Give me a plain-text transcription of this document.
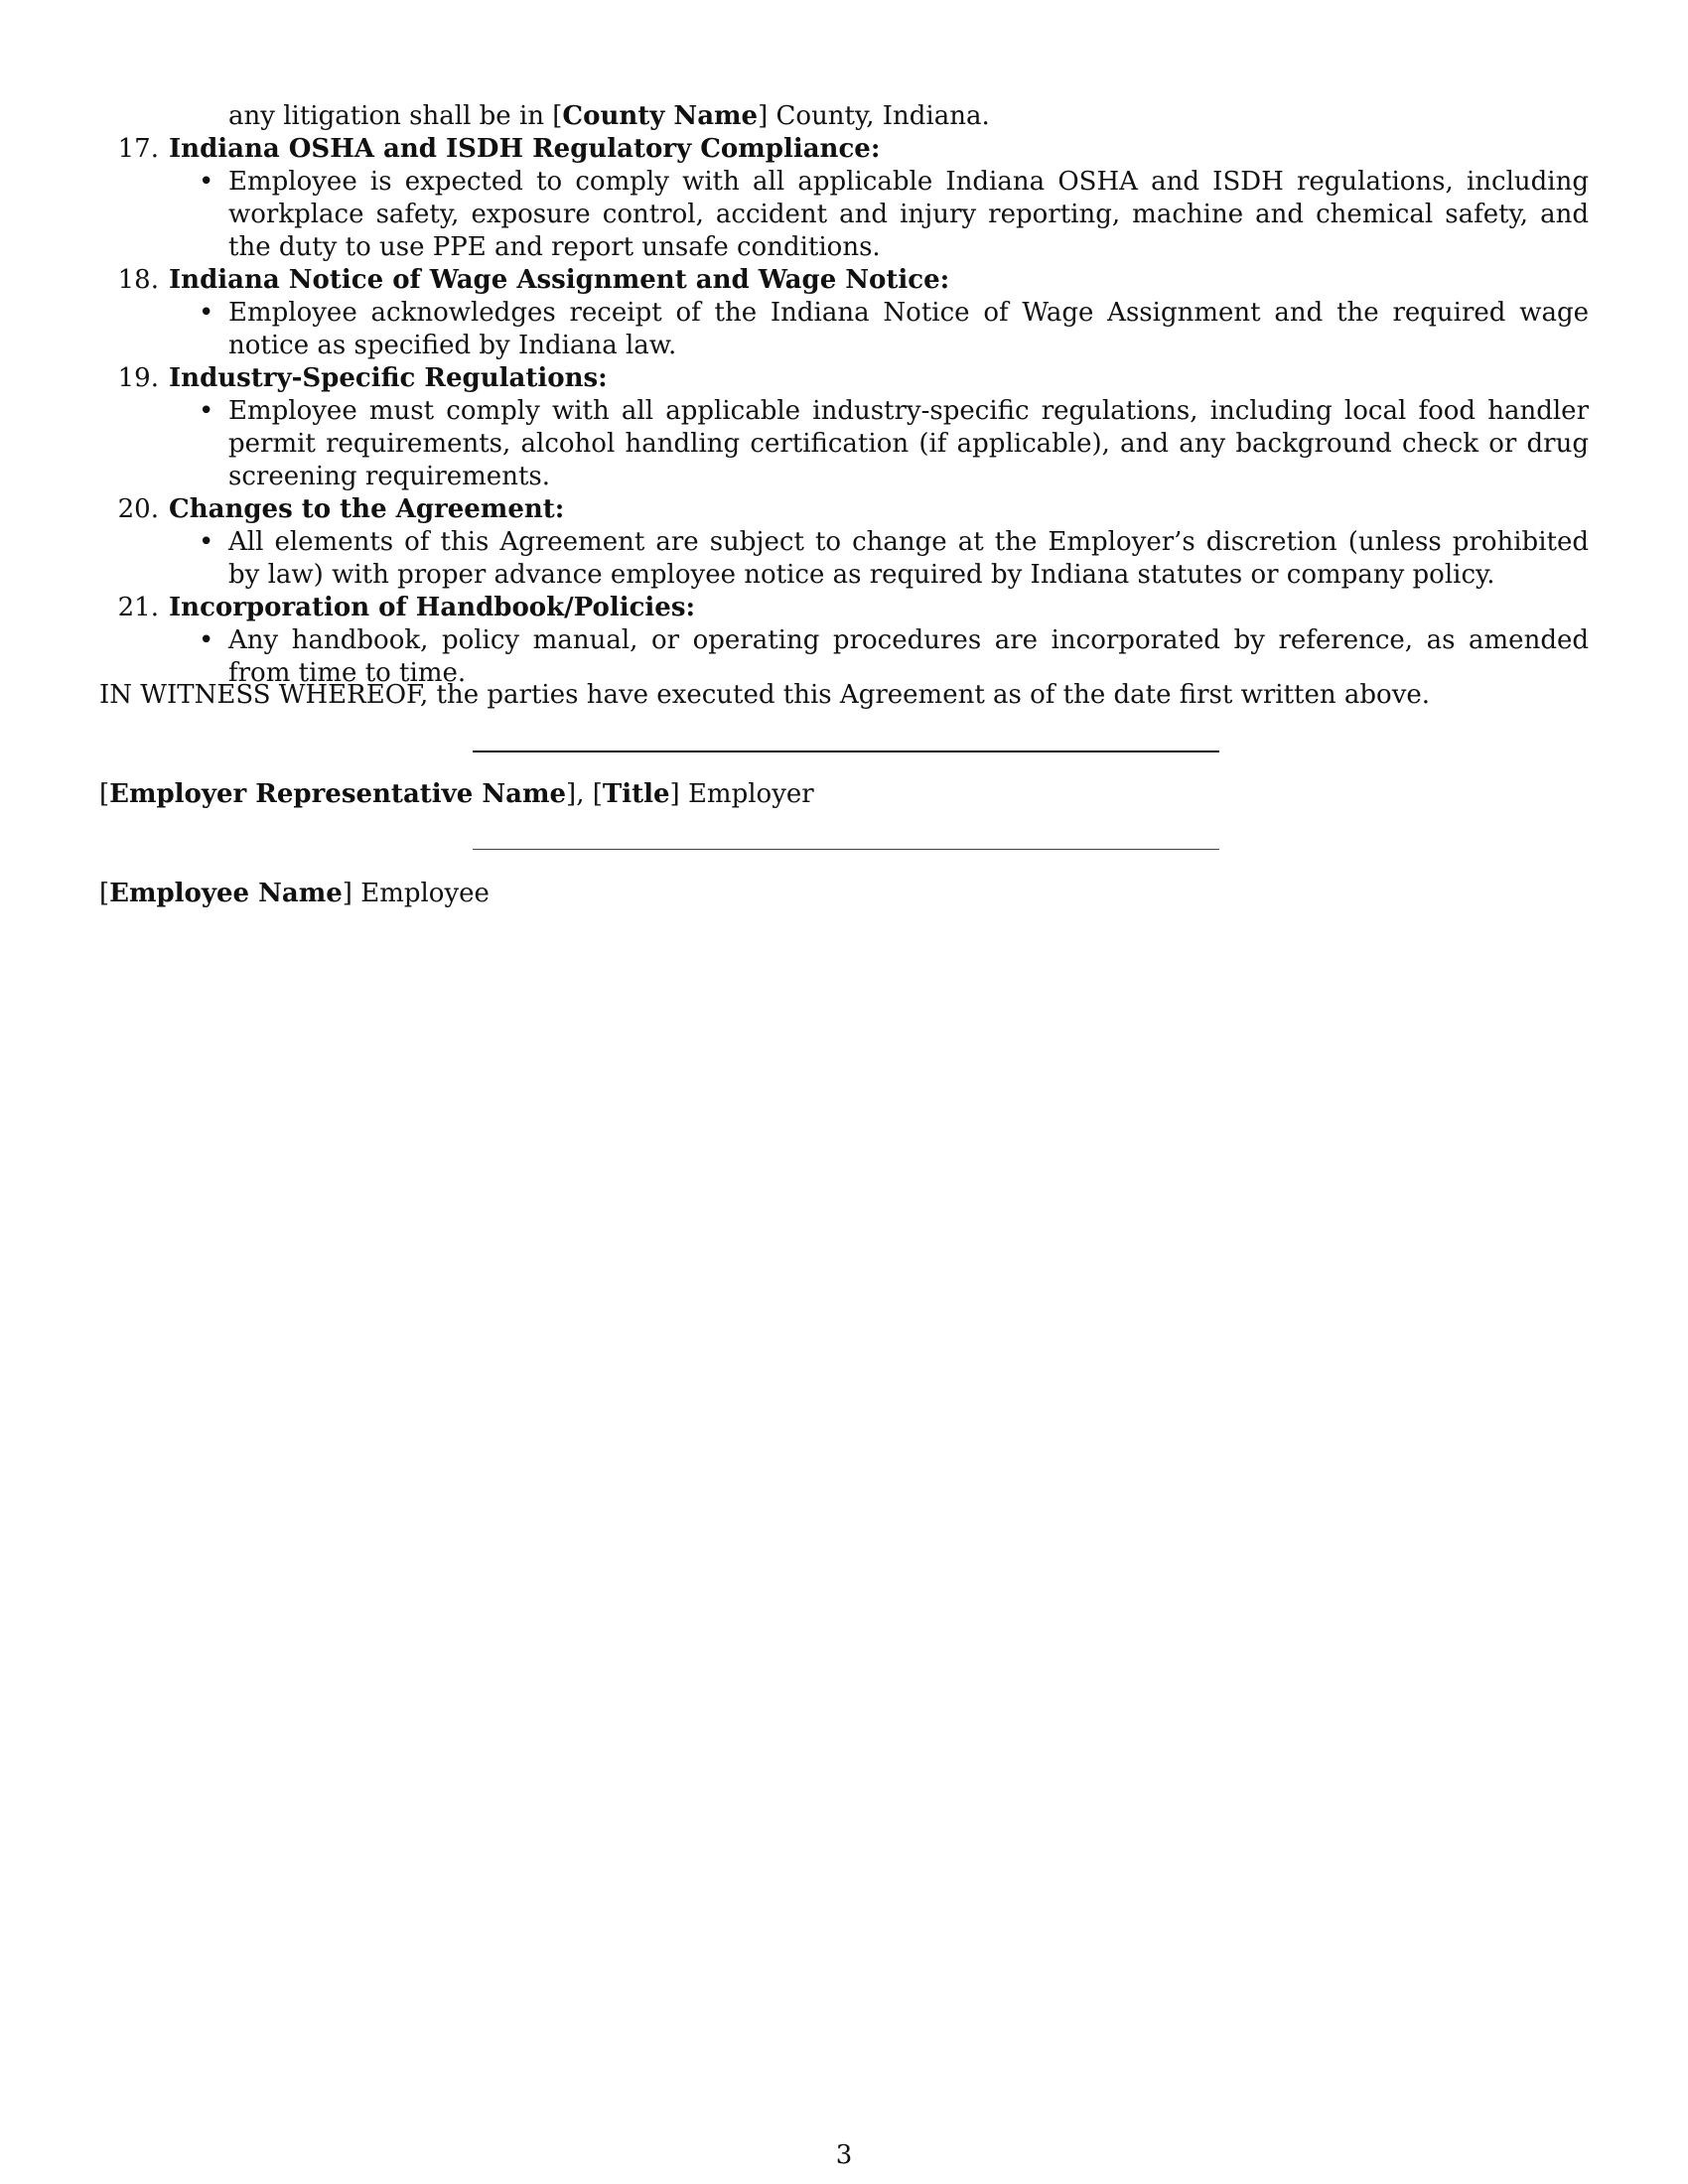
any litigation shall be in [County Name] County, Indiana.
17. Indiana OSHA and ISDH Regulatory Compliance:
• Employee is expected to comply with all applicable Indiana OSHA and ISDH regulations, including workplace safety, exposure control, accident and injury reporting, machine and chemical safety, and the duty to use PPE and report unsafe conditions.
18. Indiana Notice of Wage Assignment and Wage Notice:
• Employee acknowledges receipt of the Indiana Notice of Wage Assignment and the required wage notice as specified by Indiana law.
19. Industry-Specific Regulations:
• Employee must comply with all applicable industry-specific regulations, including local food handler permit requirements, alcohol handling certification (if applicable), and any background check or drug screening requirements.
20. Changes to the Agreement:
• All elements of this Agreement are subject to change at the Employer’s discretion (unless prohibited by law) with proper advance employee notice as required by Indiana statutes or company policy.
21. Incorporation of Handbook/Policies:
• Any handbook, policy manual, or operating procedures are incorporated by reference, as amended from time to time.
IN WITNESS WHEREOF, the parties have executed this Agreement as of the date first written above.
[Employer Representative Name], [Title] Employer
[Employee Name] Employee
3
